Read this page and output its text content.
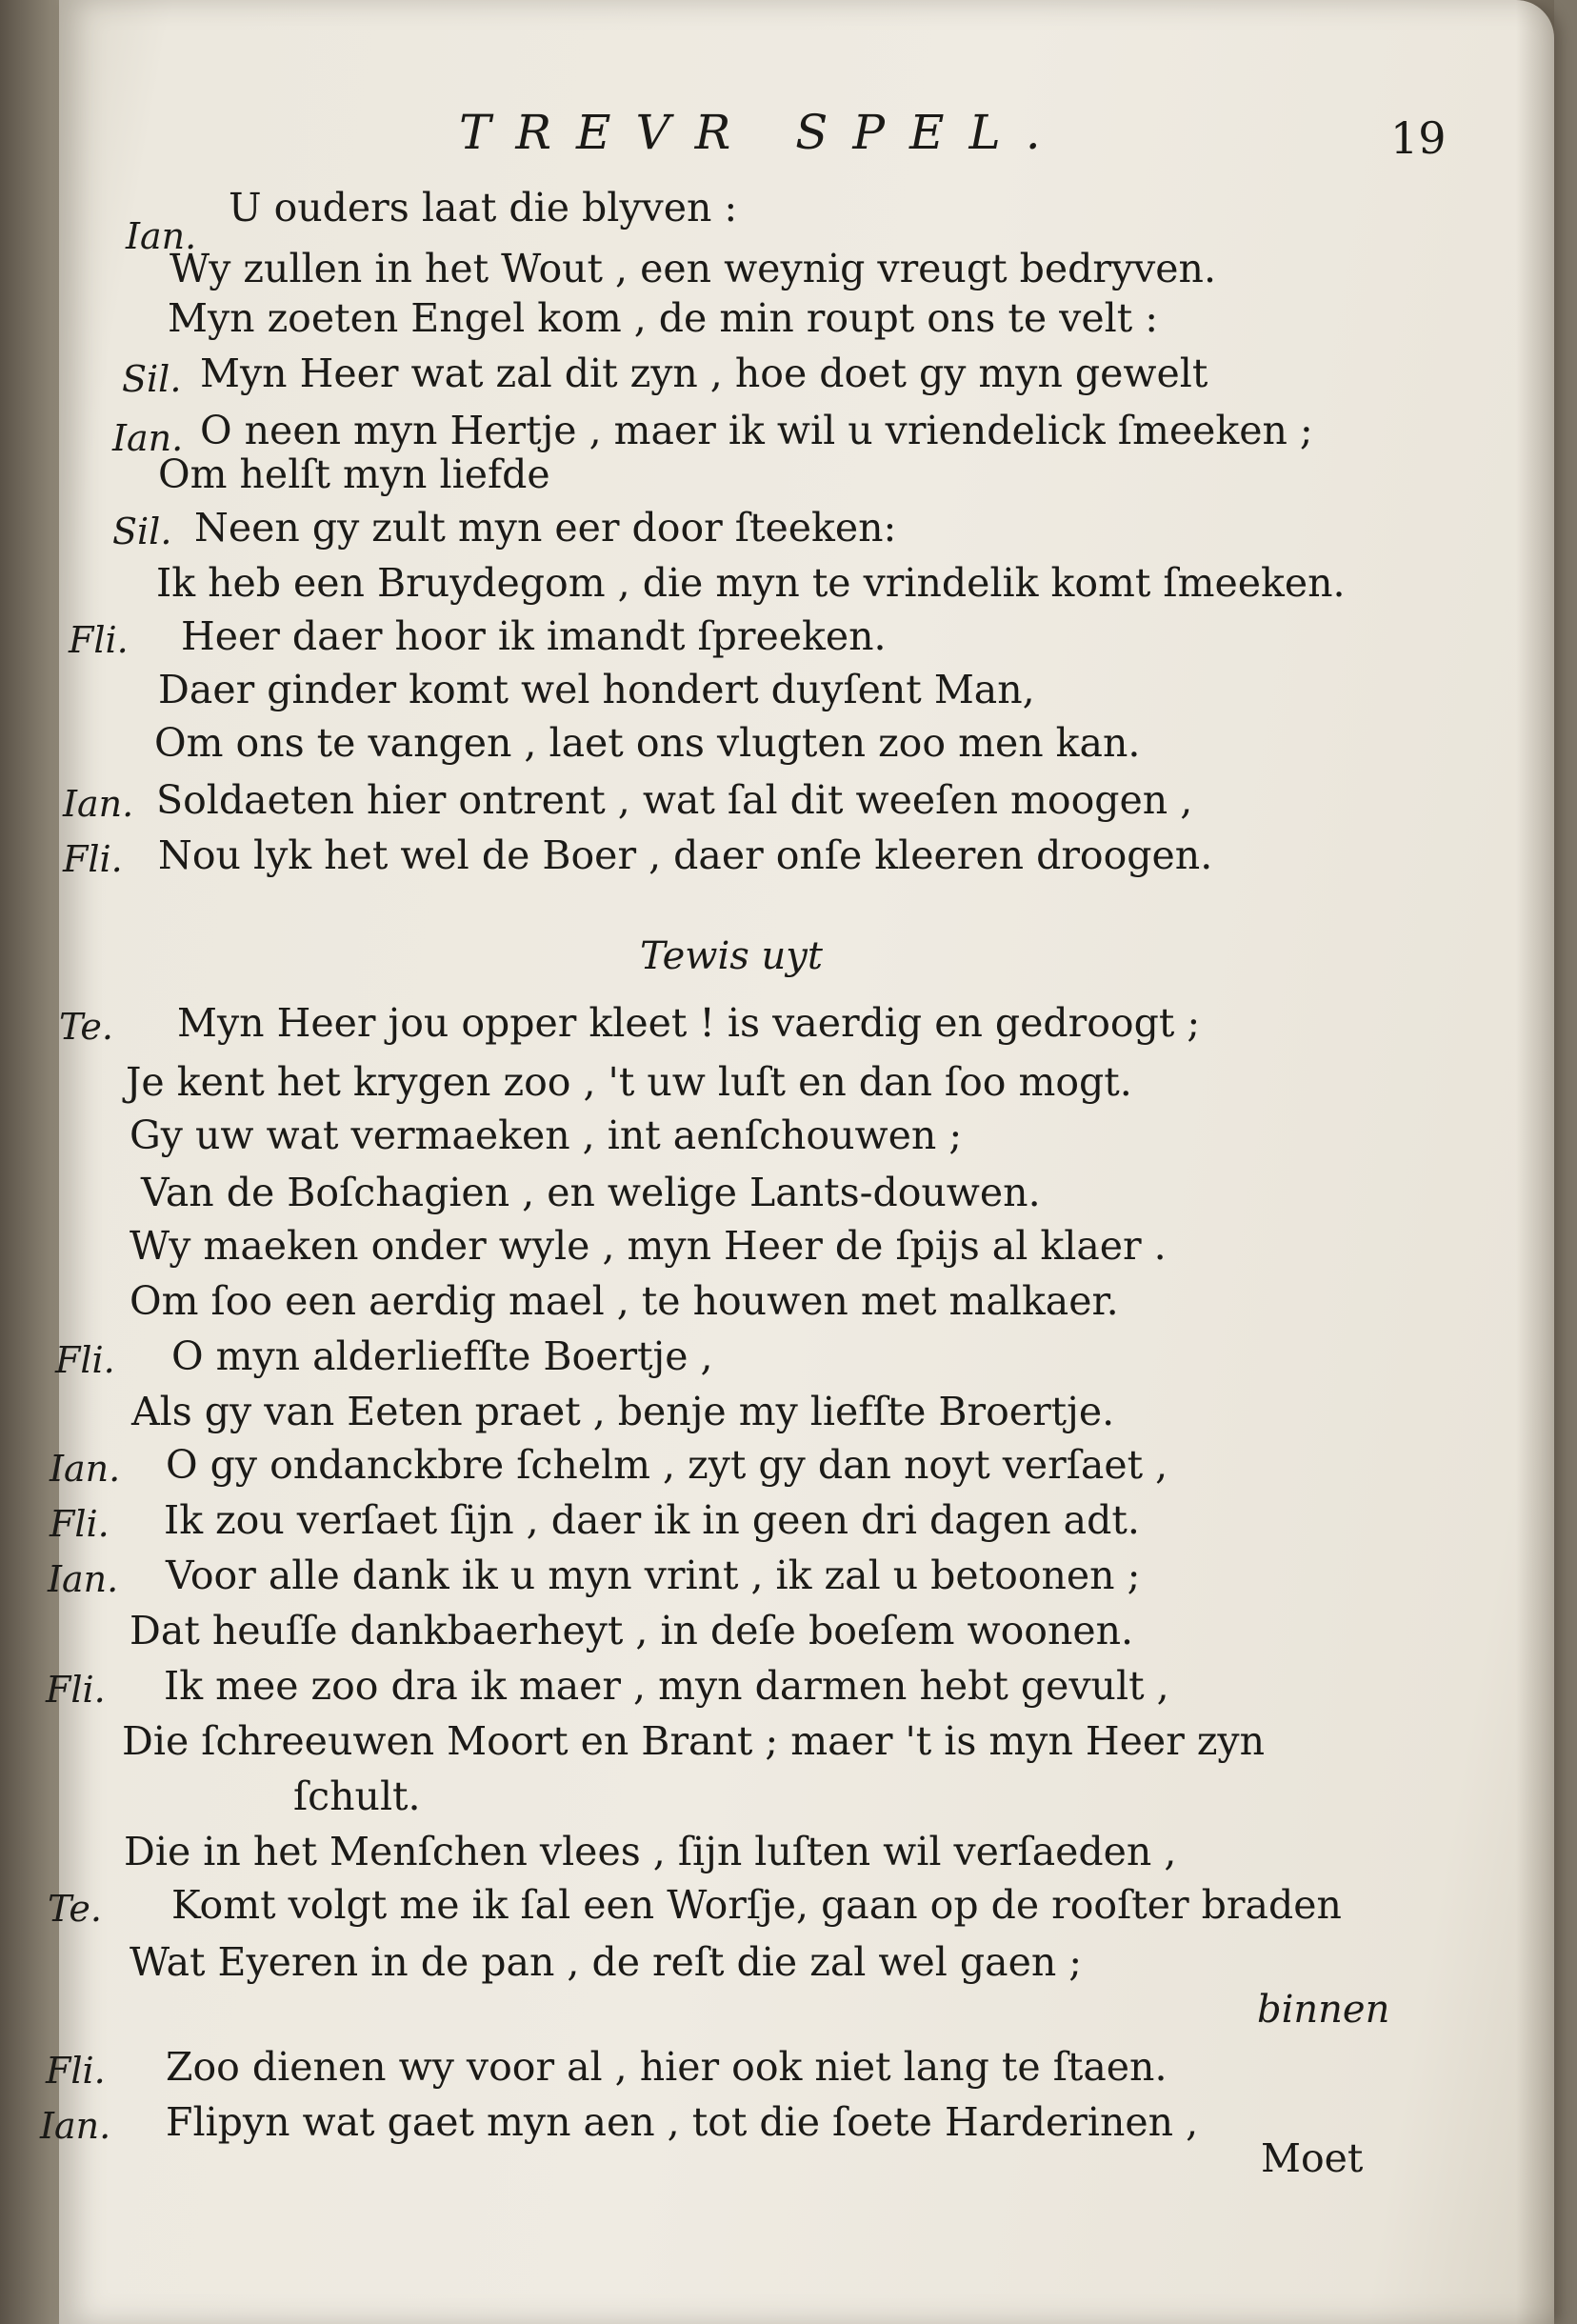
TREVR SPEL.	19
Ian.
U ouders laat die blyven :
Wy zullen in het Wout , een weynig vreugt bedryven.
Myn zoeten Engel kom , de min roupt ons te velt :
Sil. Myn Heer wat zal dit zyn , hoe doet gy myn gewelt
Ian. O neen myn Hertje , maer ik wil u vriendelick ſmeeken ;
Om helſt myn liefde
Sil. Neen gy zult myn eer door ſteeken:
Ik heb een Bruydegom , die myn te vrindelik komt ſmeeken.
Fli. Heer daer hoor ik imandt ſpreeken.
Daer ginder komt wel hondert duyſent Man,
Om ons te vangen , laet ons vlugten zoo men kan.
Ian. Soldaeten hier ontrent , wat ſal dit weeſen moogen ,
Fli. Nou lyk het wel de Boer , daer onſe kleeren droogen.
Tewis uyt
Te. Myn Heer jou opper kleet ! is vaerdig en gedroogt ;
Je kent het krygen zoo , 't uw luſt en dan ſoo mogt.
Gy uw wat vermaeken , int aenſchouwen ;
Van de Boſchagien , en welige Lants-douwen.
Wy maeken onder wyle , myn Heer de ſpijs al klaer .
Om ſoo een aerdig mael , te houwen met malkaer.
Fli. O myn alderliefſte Boertje ,
Als gy van Eeten praet , benje my liefſte Broertje.
Ian. O gy ondanckbre ſchelm , zyt gy dan noyt verſaet ,
Fli. Ik zou verſaet ſijn , daer ik in geen dri dagen adt.
Ian. Voor alle dank ik u myn vrint , ik zal u betoonen ;
Dat heuſſe dankbaerheyt , in deſe boeſem woonen.
Fli. Ik mee zoo dra ik maer , myn darmen hebt gevult ,
Die ſchreeuwen Moort en Brant ; maer 't is myn Heer zyn
ſchult.
Die in het Menſchen vlees , ſijn luſten wil verſaeden ,
Te. Komt volgt me ik ſal een Worſje, gaan op de rooſter braden
Wat Eyeren in de pan , de reſt die zal wel gaen ;
binnen
Fli. Zoo dienen wy voor al , hier ook niet lang te ſtaen.
Ian. Flipyn wat gaet myn aen , tot die ſoete Harderinen ,
Moet
